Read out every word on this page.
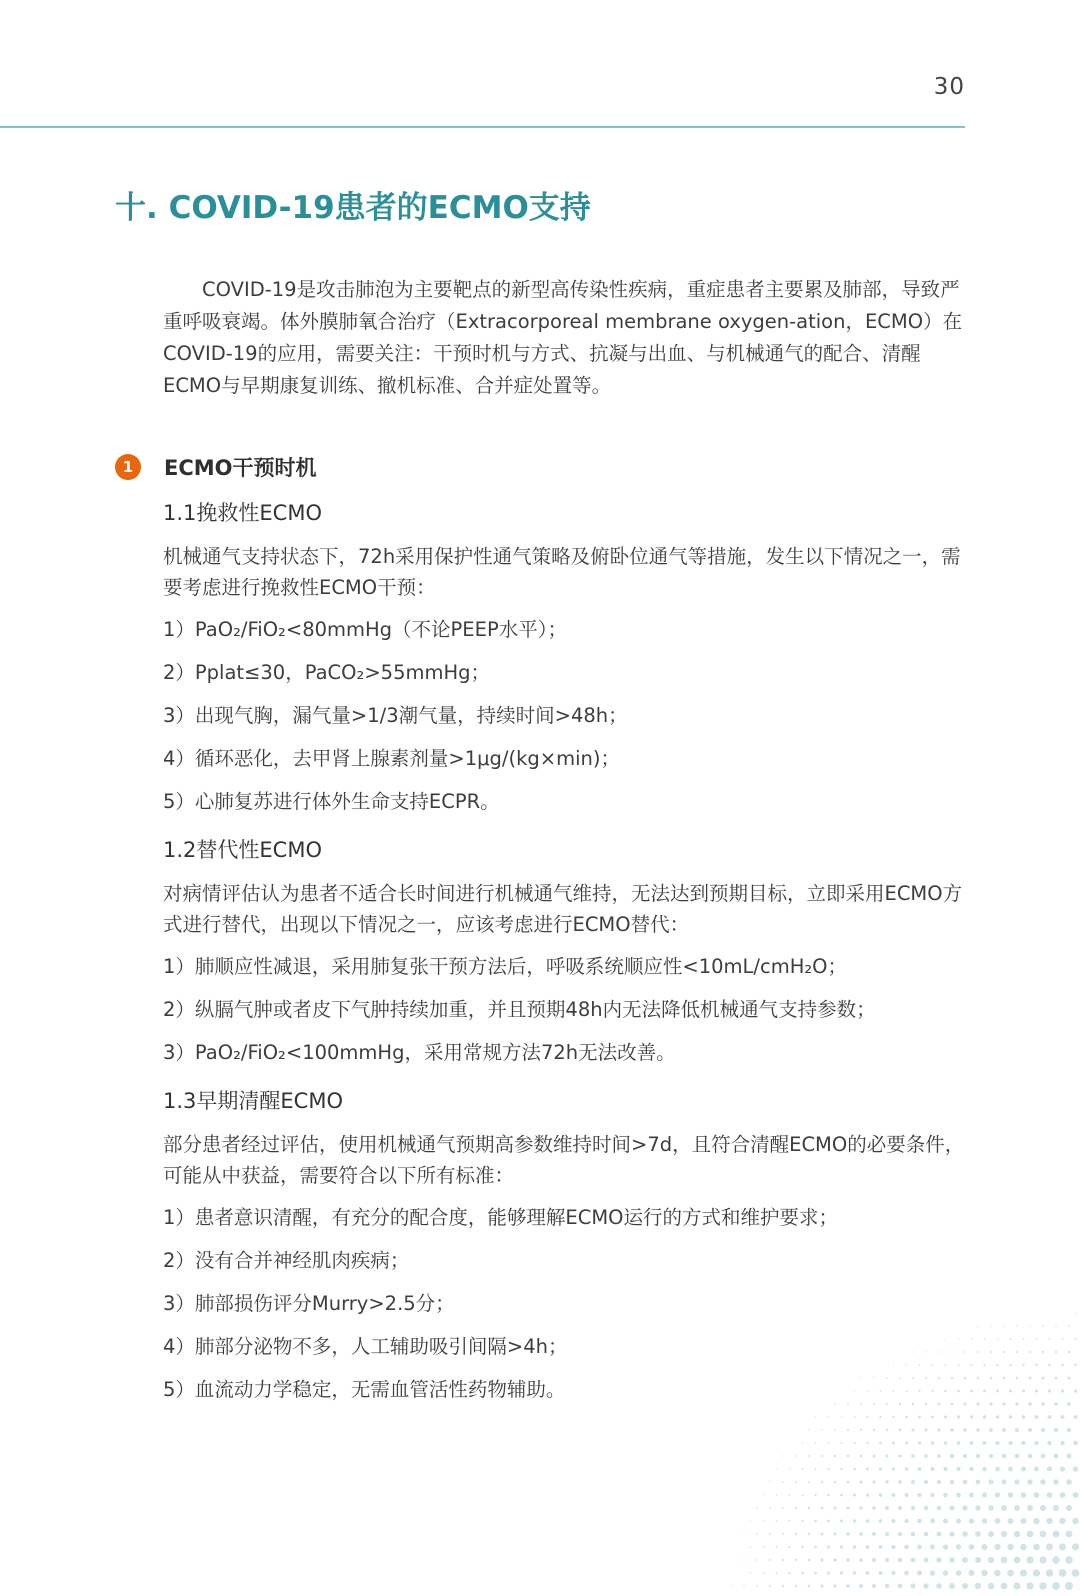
30
十. COVID-19患者的ECMO支持

COVID-19是攻击肺泡为主要靶点的新型高传染性疾病，重症患者主要累及肺部，导致严重呼吸衰竭。体外膜肺氧合治疗（Extracorporeal membrane oxygen-ation，ECMO）在COVID-19的应用，需要关注：干预时机与方式、抗凝与出血、与机械通气的配合、清醒ECMO与早期康复训练、撤机标准、合并症处置等。

1	ECMO干预时机
1.1挽救性ECMO
机械通气支持状态下，72h采用保护性通气策略及俯卧位通气等措施，发生以下情况之一，需要考虑进行挽救性ECMO干预：
1）PaO₂/FiO₂<80mmHg（不论PEEP水平）；
2）Pplat≤30，PaCO₂>55mmHg；
3）出现气胸，漏气量>1/3潮气量，持续时间>48h；
4）循环恶化，去甲肾上腺素剂量>1μg/(kg×min)；
5）心肺复苏进行体外生命支持ECPR。
1.2替代性ECMO
对病情评估认为患者不适合长时间进行机械通气维持，无法达到预期目标，立即采用ECMO方式进行替代，出现以下情况之一，应该考虑进行ECMO替代：
1）肺顺应性减退，采用肺复张干预方法后，呼吸系统顺应性<10mL/cmH₂O；
2）纵膈气肿或者皮下气肿持续加重，并且预期48h内无法降低机械通气支持参数；
3）PaO₂/FiO₂<100mmHg，采用常规方法72h无法改善。
1.3早期清醒ECMO
部分患者经过评估，使用机械通气预期高参数维持时间>7d，且符合清醒ECMO的必要条件，可能从中获益，需要符合以下所有标准：
1）患者意识清醒，有充分的配合度，能够理解ECMO运行的方式和维护要求；
2）没有合并神经肌肉疾病；
3）肺部损伤评分Murry>2.5分；
4）肺部分泌物不多，人工辅助吸引间隔>4h；
5）血流动力学稳定，无需血管活性药物辅助。
